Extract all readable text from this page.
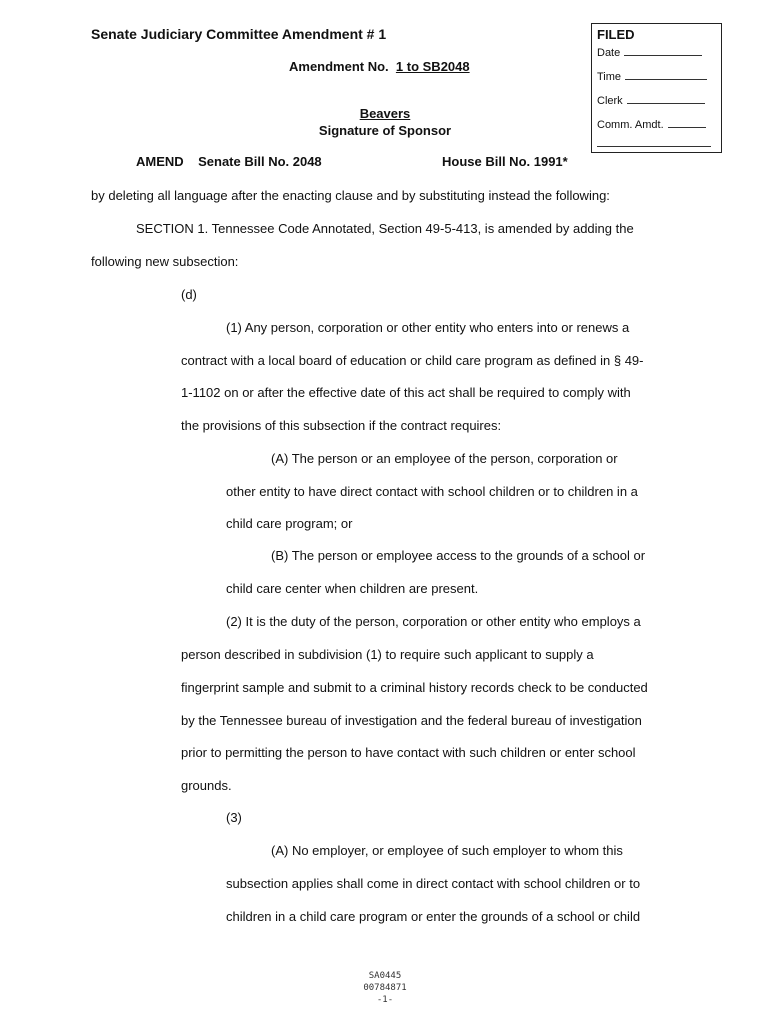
Senate Judiciary Committee Amendment # 1
Amendment No. 1 to SB2048
Beavers
Signature of Sponsor
AMEND    Senate Bill No. 2048	House Bill No. 1991*
FILED
Date
Time
Clerk
Comm. Amdt.
by deleting all language after the enacting clause and by substituting instead the following:
SECTION 1. Tennessee Code Annotated, Section 49-5-413, is amended by adding the
following new subsection:
(d)
(1) Any person, corporation or other entity who enters into or renews a
contract with a local board of education or child care program as defined in § 49-
1-1102 on or after the effective date of this act shall be required to comply with
the provisions of this subsection if the contract requires:
(A) The person or an employee of the person, corporation or
other entity to have direct contact with school children or to children in a
child care program; or
(B) The person or employee access to the grounds of a school or
child care center when children are present.
(2) It is the duty of the person, corporation or other entity who employs a
person described in subdivision (1) to require such applicant to supply a
fingerprint sample and submit to a criminal history records check to be conducted
by the Tennessee bureau of investigation and the federal bureau of investigation
prior to permitting the person to have contact with such children or enter school
grounds.
(3)
(A) No employer, or employee of such employer to whom this
subsection applies shall come in direct contact with school children or to
children in a child care program or enter the grounds of a school or child
SA0445
00784871
-1-
